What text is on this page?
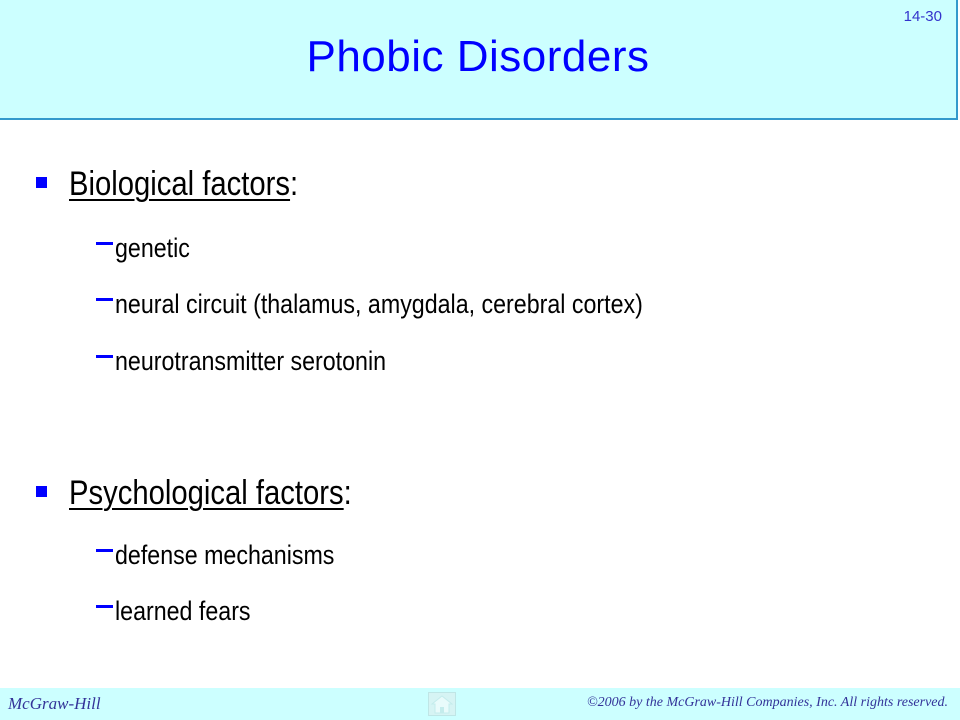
14-30
Phobic Disorders
Biological factors:
genetic
neural circuit (thalamus, amygdala, cerebral cortex)
neurotransmitter serotonin
Psychological factors:
defense mechanisms
learned fears
McGraw-Hill	©2006 by the McGraw-Hill Companies, Inc. All rights reserved.
